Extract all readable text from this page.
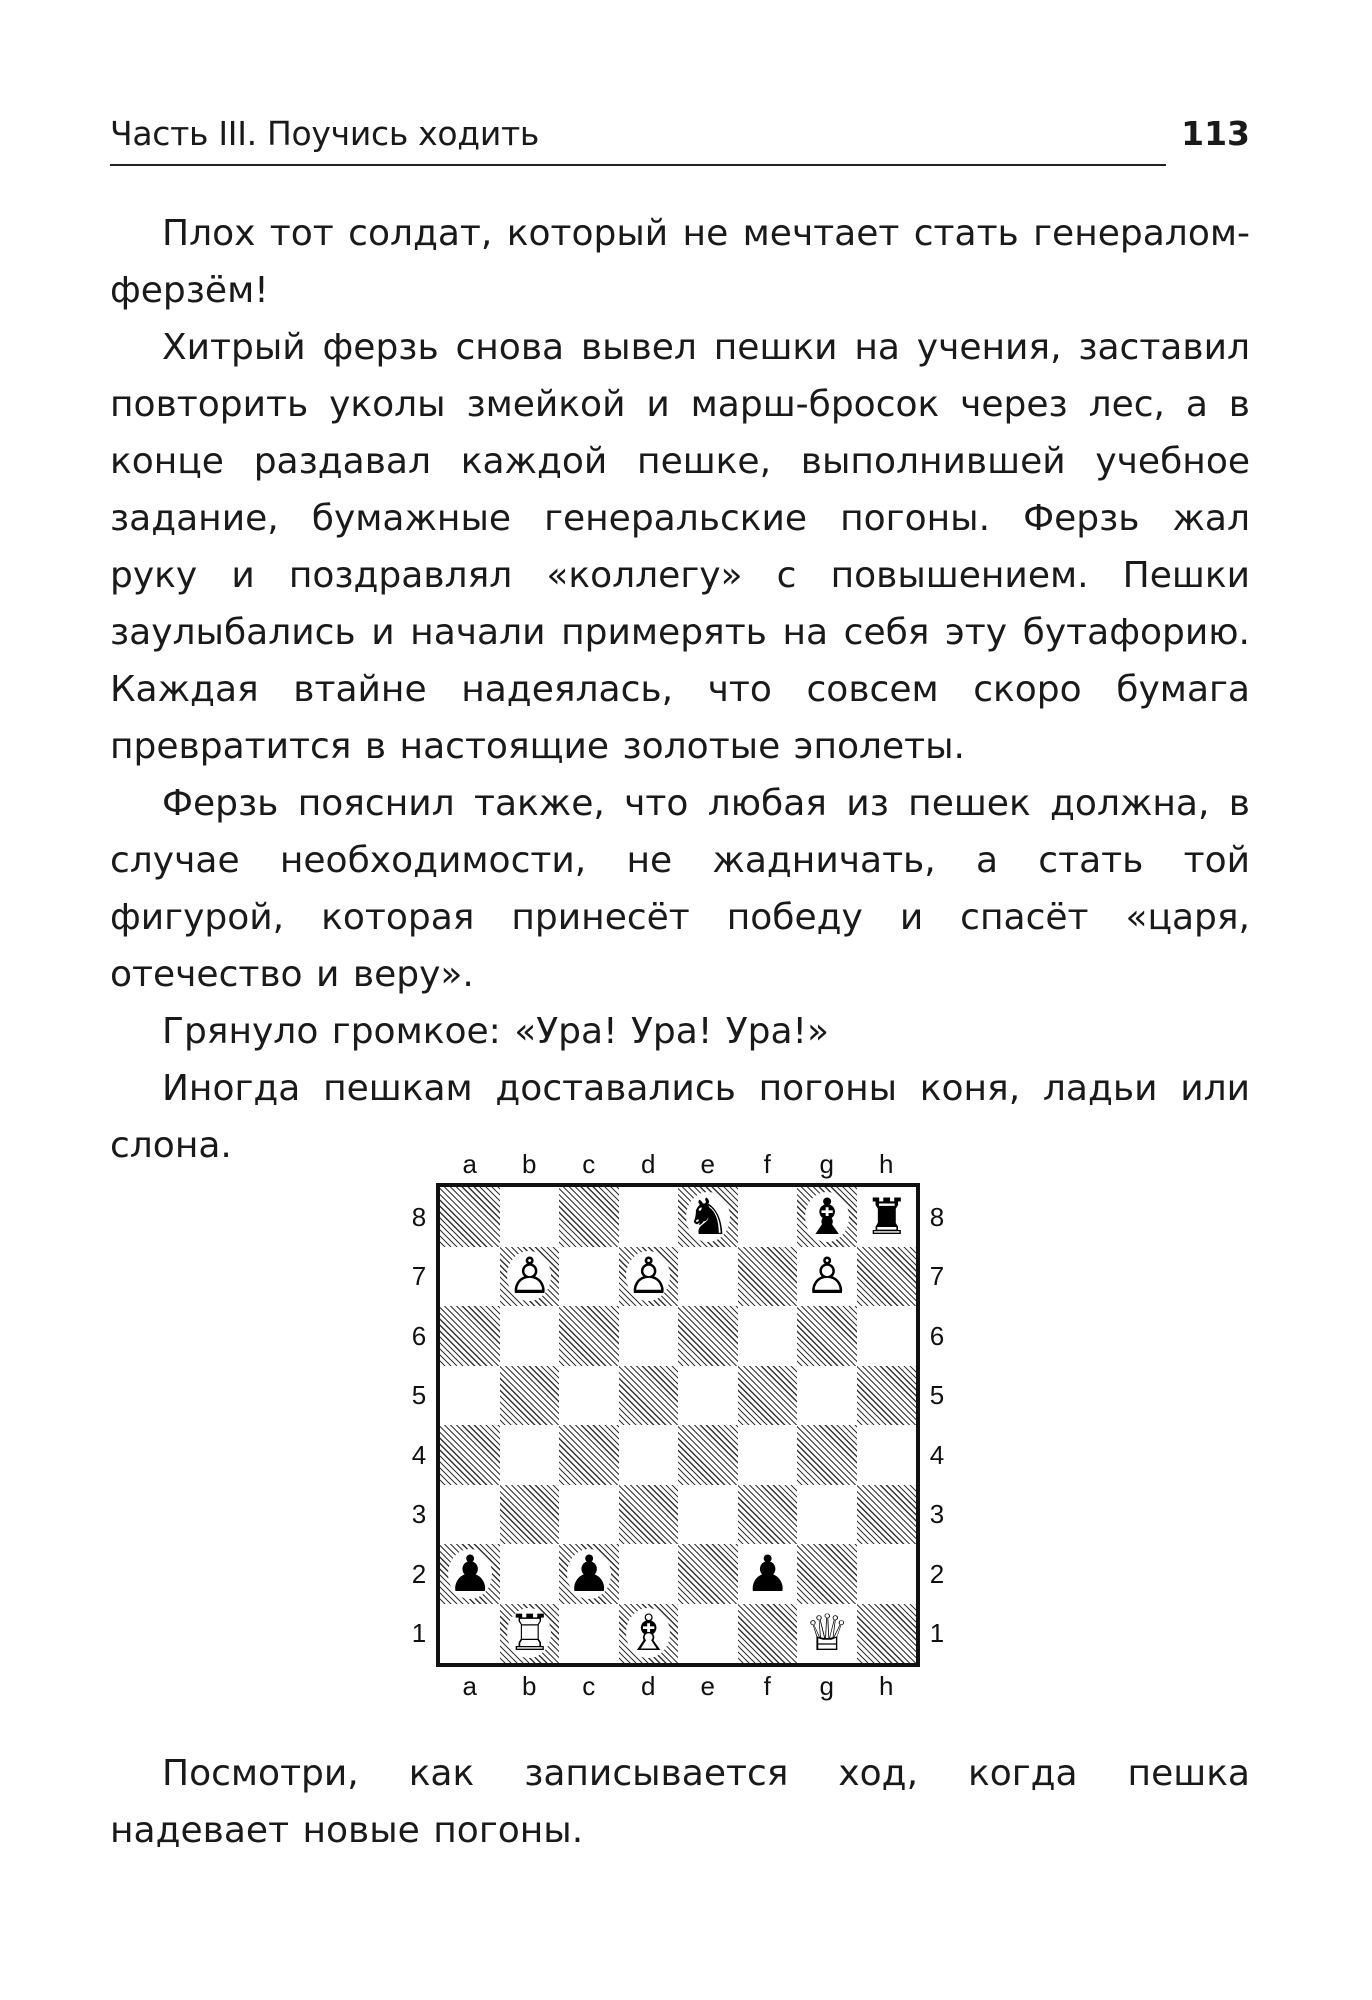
Часть III. Поучись ходить	113

Плох тот солдат, который не мечтает стать генералом-ферзём!

Хитрый ферзь снова вывел пешки на учения, заставил повторить уколы змейкой и марш-бросок через лес, а в конце раздавал каждой пешке, выполнившей учебное задание, бумажные генеральские погоны. Ферзь жал руку и поздравлял «коллегу» с повышением. Пешки заулыбались и начали примерять на себя эту бутафорию. Каждая втайне надеялась, что совсем скоро бумага превратится в настоящие золотые эполеты.

Ферзь пояснил также, что любая из пешек должна, в случае необходимости, не жадничать, а стать той фигурой, которая принесёт победу и спасёт «царя, отечество и веру».

Грянуло громкое: «Ура! Ура! Ура!»

Иногда пешкам доставались погоны коня, ладьи или слона.

♞ ♝ ♜
♙ ♙	♙
♟ ♟	♟
♖ ♗	♕
a
a
b
b
c
c
d
d
e
e
f
f
g
g
h
h
8	8
7	7
6	6
5	5
4	4
3	3
2	2
1	1

Посмотри, как записывается ход, когда пешка надевает новые погоны.
